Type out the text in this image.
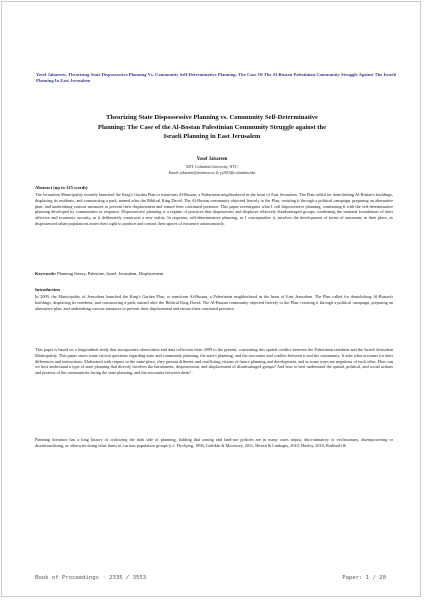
Yosef Jabareen, Theorizing State Dispossessive Planning Vs. Community Self-Determinative Planning: The Case Of The Al-Bustan Palestinian Community Struggle Against The Israeli Planning In East Jerusalem
Theorizing State Dispossessive Planning vs. Community Self-Determinative Planning: The Case of the Al-Bostan Palestinian Community Struggle against the Israeli Planning in East Jerusalem
Yosef Jabareen
MIT, Columbia University, NYC
Email: jabareen@technion.ac.il; yj2018@columbia.edu
Abstract (up to 125 words)
The Jerusalem Municipality recently launched the King's Garden Plan to transform Al-Bustan, a Palestinian neighborhood in the heart of East Jerusalem. The Plan called for demolishing Al-Bustan's buildings, displacing its residents, and constructing a park, named after the Biblical King David. The Al-Bustan community objected fiercely to the Plan, resisting it through a political campaign, preparing an alternative plan, and undertaking various measures to prevent their displacement and ensure their continued presence. This paper investigates what I call dispossessive planning, contrasting it with the self-determinative planning developed by communities in response. Dispossessive planning is a regime of practices that dispossesses and displaces relatively disadvantaged groups, weakening the material foundations of their affective and economic security, as it deliberately constructs a new reality. In response, self-determinative planning, as I conceptualize it, involves the development of forms of autonomy in their place, as dispossessed urban populations assert their right to produce and control their spaces of existence autonomously.
Keywords: Planning theory, Palestine, Israel, Jerusalem, Displacement
Introduction
In 2009, the Municipality of Jerusalem launched the King's Garden Plan, to transform Al-Bustan, a Palestinian neighborhood in the heart of East Jerusalem. The Plan called for demolishing Al-Bustan's buildings, displacing its residents, and constructing a park, named after the Biblical King David. The Al-Bustan community objected fiercely to the Plan, resisting it through a political campaign, preparing an alternative plan, and undertaking various measures to prevent their displacement and ensure their continued presence.
This paper is based on a longitudinal study that incorporates observation and data collection from 2009 to the present, concerning this spatial conflict between the Palestinian residents and the Israeli Jerusalem Municipality. This paper raises some critical questions regarding state and community planning, the state's planning, and the encounter and conflict between it and the community. It asks what accounts for their differences and interactions. Elaborated with respect to the same place, they present different and conflicting visions of future planning and development, and in some ways are negations of each other. How can we best understand a type of state planning that directly involves the harassment, dispossession, and displacement of disadvantaged groups? And how to best understand the spatial, political, and social actions and protests of the communities facing the state planning, and the encounter between them?
Planning literature has a long history of criticizing the dark side of planning, holding that zoning and land-use policies are in many cases unjust, discriminatory or exclusionary, disempowering or disenfranchising, or otherwise doing other harm to, various population groups (c.f. Flyvbjerg, 1996; Gaffikin & Morrissey, 2011; Hewitt & Lunkapis, 2010; Huxley, 2010; Rothwell &
Book of Proceedings · 2335 / 3553	Paper: 1 / 20
